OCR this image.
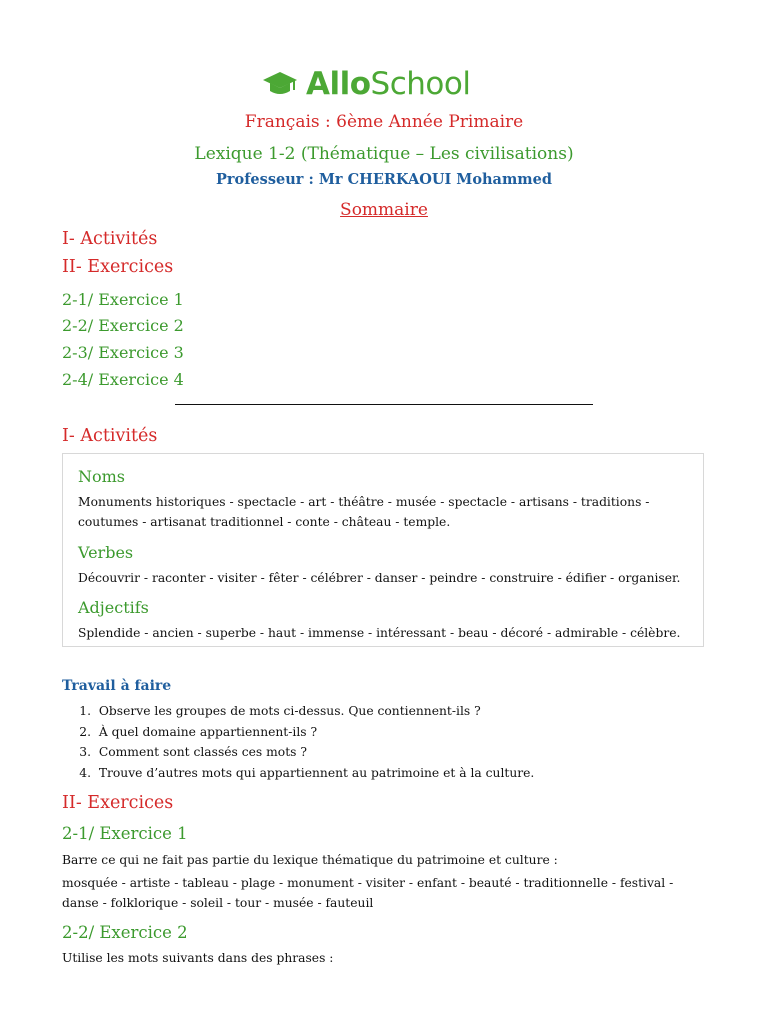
AlloSchool
Français : 6ème Année Primaire
Lexique 1-2 (Thématique – Les civilisations)
Professeur : Mr CHERKAOUI Mohammed
Sommaire
I- Activités
II- Exercices
2-1/ Exercice 1
2-2/ Exercice 2
2-3/ Exercice 3
2-4/ Exercice 4
I- Activités
Noms
Monuments historiques - spectacle - art - théâtre - musée - spectacle - artisans - traditions - coutumes - artisanat traditionnel - conte - château - temple.
Verbes
Découvrir - raconter - visiter - fêter - célébrer - danser - peindre - construire - édifier - organiser.
Adjectifs
Splendide - ancien - superbe - haut - immense - intéressant - beau - décoré - admirable - célèbre.
Travail à faire
1. Observe les groupes de mots ci-dessus. Que contiennent-ils ?
2. À quel domaine appartiennent-ils ?
3. Comment sont classés ces mots ?
4. Trouve d’autres mots qui appartiennent au patrimoine et à la culture.
II- Exercices
2-1/ Exercice 1
Barre ce qui ne fait pas partie du lexique thématique du patrimoine et culture :
mosquée - artiste - tableau - plage - monument - visiter - enfant - beauté - traditionnelle - festival - danse - folklorique - soleil - tour - musée - fauteuil
2-2/ Exercice 2
Utilise les mots suivants dans des phrases :
